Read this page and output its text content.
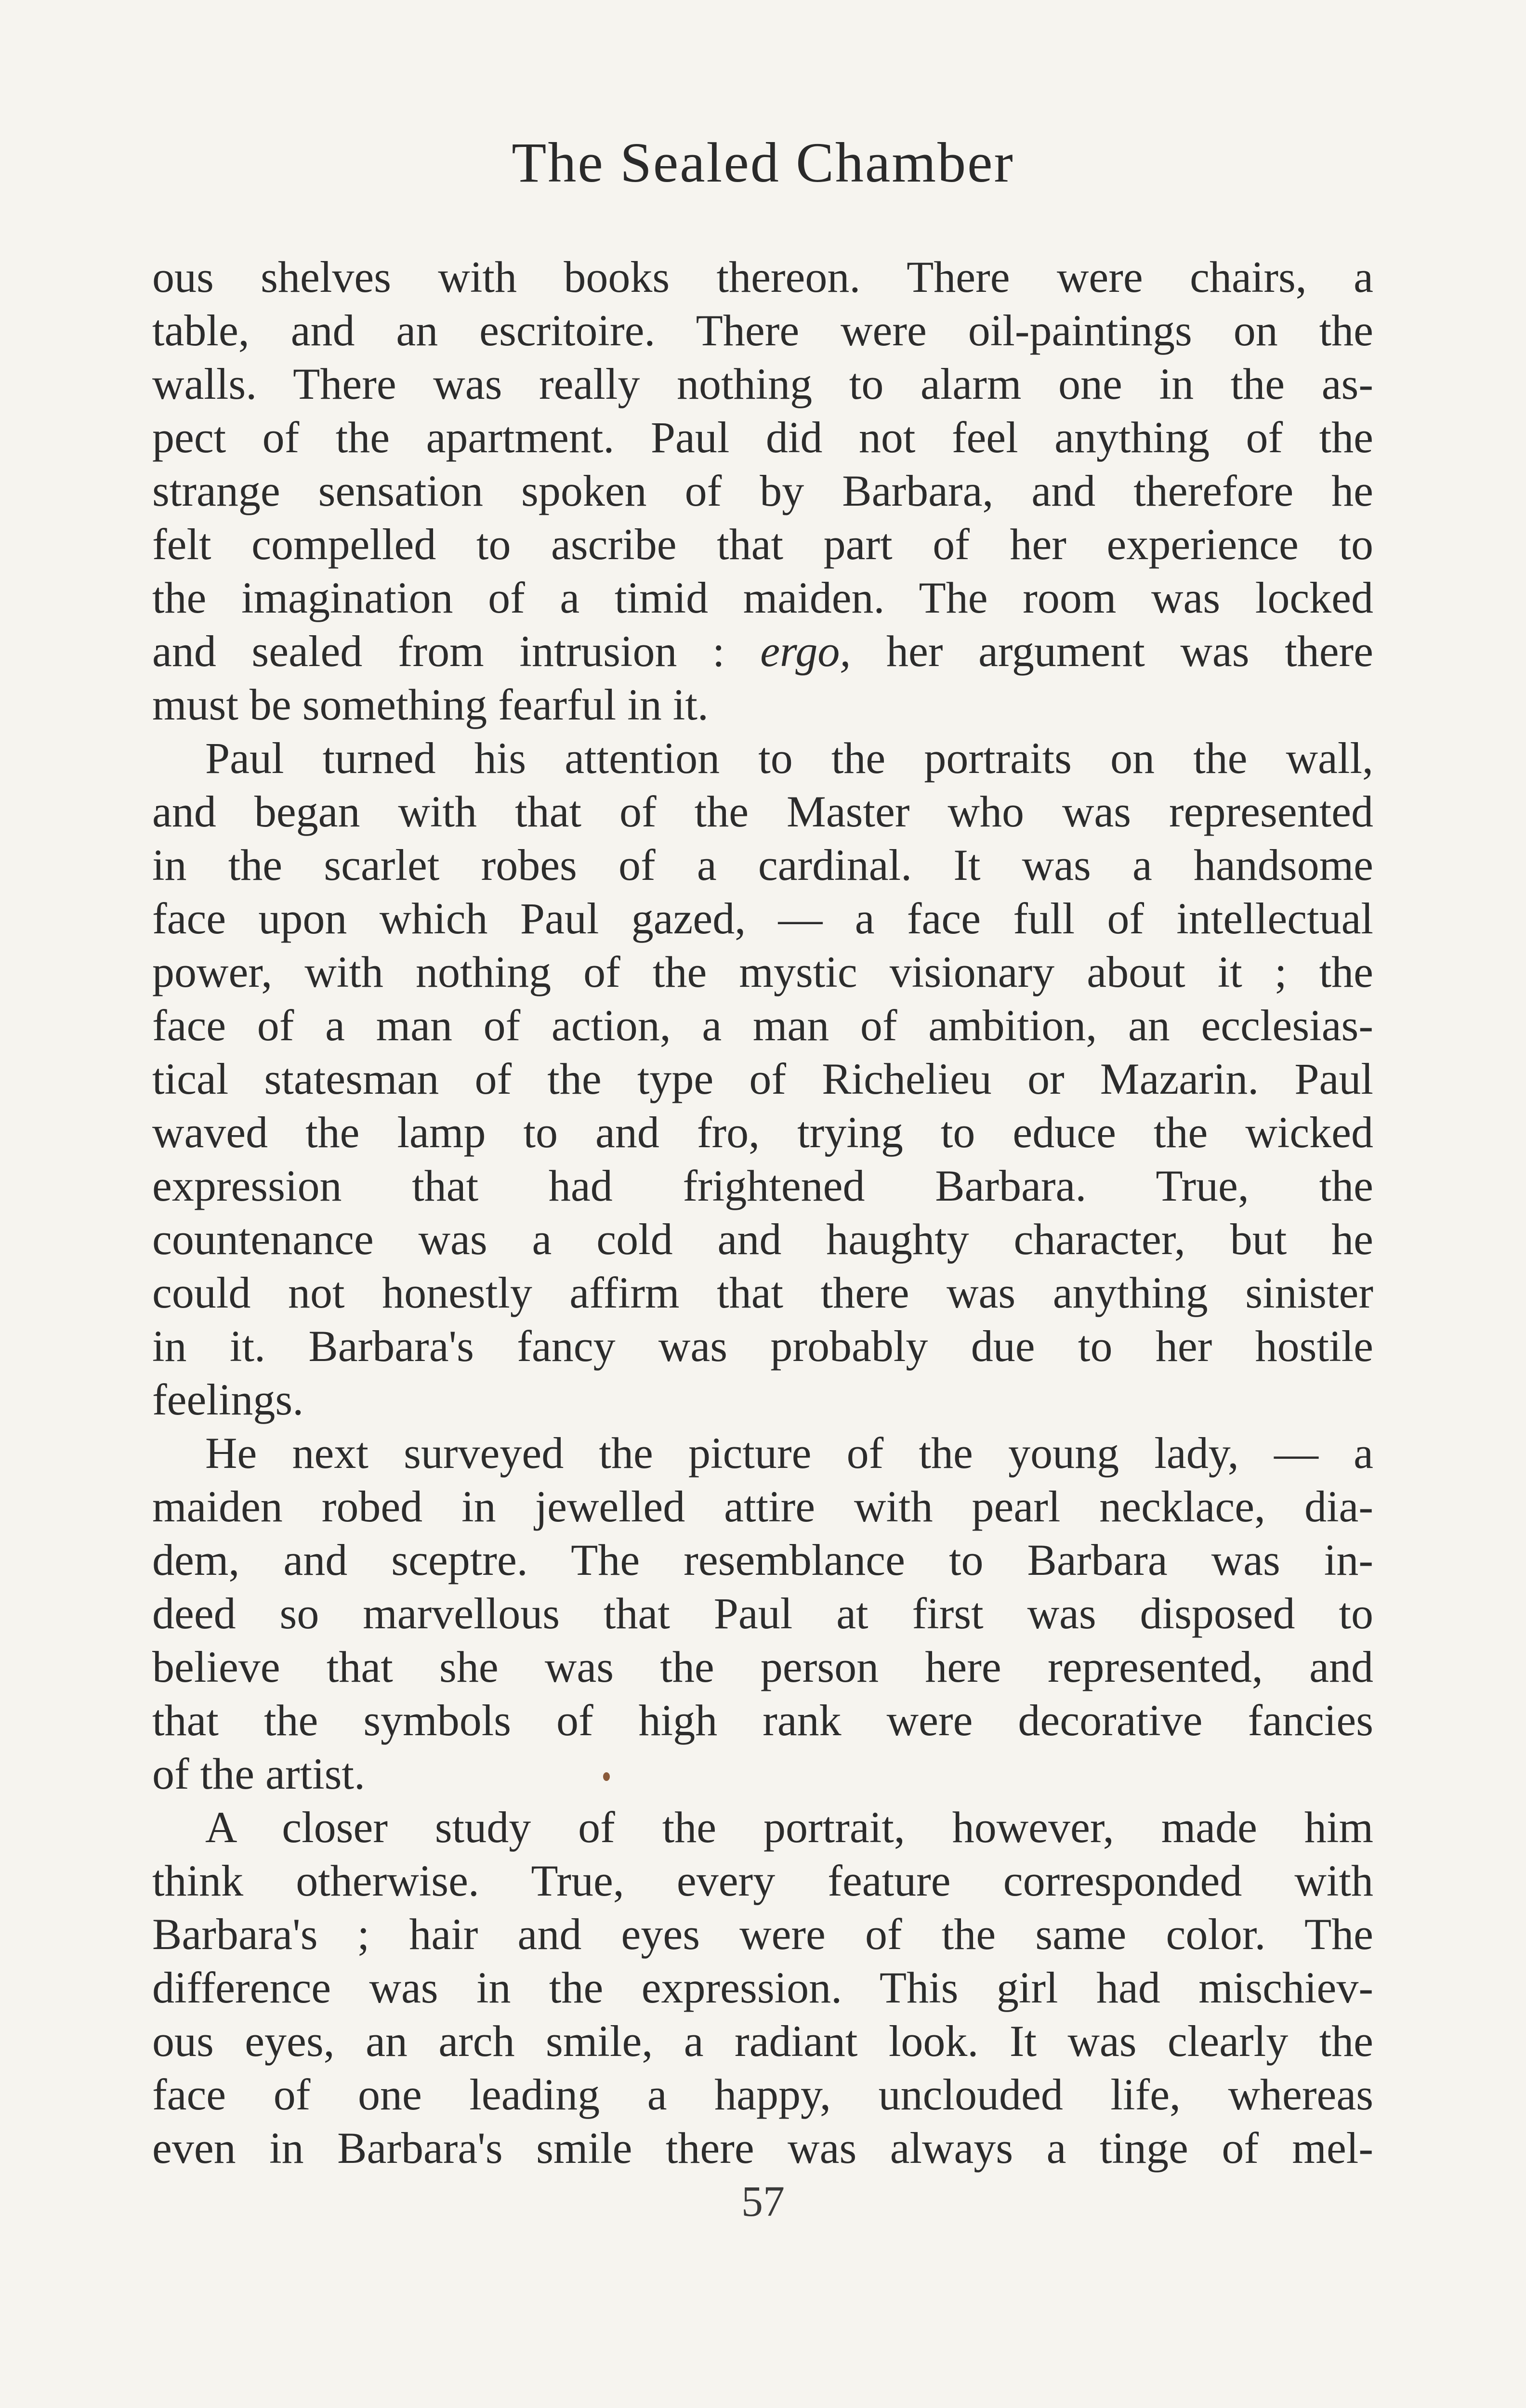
The Sealed Chamber
ous shelves with books thereon. There were chairs, a
table, and an escritoire. There were oil-paintings on the
walls. There was really nothing to alarm one in the as-
pect of the apartment. Paul did not feel anything of the
strange sensation spoken of by Barbara, and therefore he
felt compelled to ascribe that part of her experience to
the imagination of a timid maiden. The room was locked
and sealed from intrusion : ergo, her argument was there
must be something fearful in it.
Paul turned his attention to the portraits on the wall,
and began with that of the Master who was represented
in the scarlet robes of a cardinal. It was a handsome
face upon which Paul gazed, — a face full of intellectual
power, with nothing of the mystic visionary about it ; the
face of a man of action, a man of ambition, an ecclesias-
tical statesman of the type of Richelieu or Mazarin. Paul
waved the lamp to and fro, trying to educe the wicked
expression that had frightened Barbara. True, the
countenance was a cold and haughty character, but he
could not honestly affirm that there was anything sinister
in it. Barbara's fancy was probably due to her hostile
feelings.
He next surveyed the picture of the young lady, — a
maiden robed in jewelled attire with pearl necklace, dia-
dem, and sceptre. The resemblance to Barbara was in-
deed so marvellous that Paul at first was disposed to
believe that she was the person here represented, and
that the symbols of high rank were decorative fancies
of the artist.
A closer study of the portrait, however, made him
think otherwise. True, every feature corresponded with
Barbara's ; hair and eyes were of the same color. The
difference was in the expression. This girl had mischiev-
ous eyes, an arch smile, a radiant look. It was clearly the
face of one leading a happy, unclouded life, whereas
even in Barbara's smile there was always a tinge of mel-
57
